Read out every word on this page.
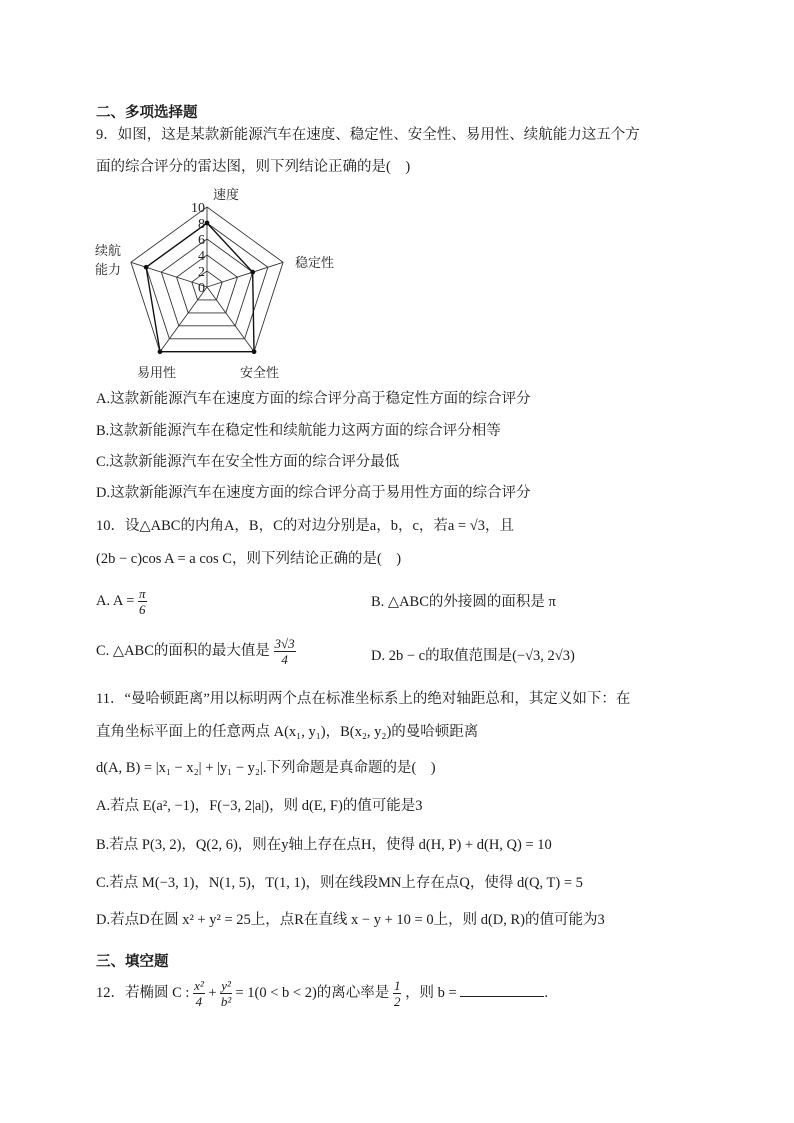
二、多项选择题
9．如图，这是某款新能源汽车在速度、稳定性、安全性、易用性、续航能力这五个方
面的综合评分的雷达图，则下列结论正确的是(　)
10
8
6
4
2
0
速度
稳定性
安全性
易用性
续航
能力
A.这款新能源汽车在速度方面的综合评分高于稳定性方面的综合评分
B.这款新能源汽车在稳定性和续航能力这两方面的综合评分相等
C.这款新能源汽车在安全性方面的综合评分最低
D.这款新能源汽车在速度方面的综合评分高于易用性方面的综合评分
10．设△ABC的内角A，B，C的对边分别是a，b，c，若a = √3，且
(2b − c)cos A = a cos C，则下列结论正确的是(　)
A. $A = \frac{\pi}{6}$	B. △ABC的外接圆的面积是 π
C. △ABC的面积的最大值是 $\frac{3√3}{4}$	D. 2b − c的取值范围是(−√3, 2√3)
11．“曼哈顿距离”用以标明两个点在标准坐标系上的绝对轴距总和，其定义如下：在
直角坐标平面上的任意两点 A(x₁, y₁)，B(x₂, y₂)的曼哈顿距离
d(A, B) = |x₁ − x₂| + |y₁ − y₂|.下列命题是真命题的是(　)
A.若点 E(a², −1)，F(−3, 2|a|)，则 d(E, F)的值可能是3
B.若点 P(3, 2)，Q(2, 6)，则在y轴上存在点H，使得 d(H, P) + d(H, Q) = 10
C.若点 M(−3, 1)，N(1, 5)，T(1, 1)，则在线段MN上存在点Q，使得 d(Q, T) = 5
D.若点D在圆 x² + y² = 25上，点R在直线 x − y + 10 = 0上，则 d(D, R)的值可能为3
三、填空题
12．若椭圆 C : $\frac{\text{x²}}{4} + \frac{\text{y²}}{\text{b²}} = 1(0 < b < 2)$的离心率是 $\frac{1}{2}$ ，则 b =	.
